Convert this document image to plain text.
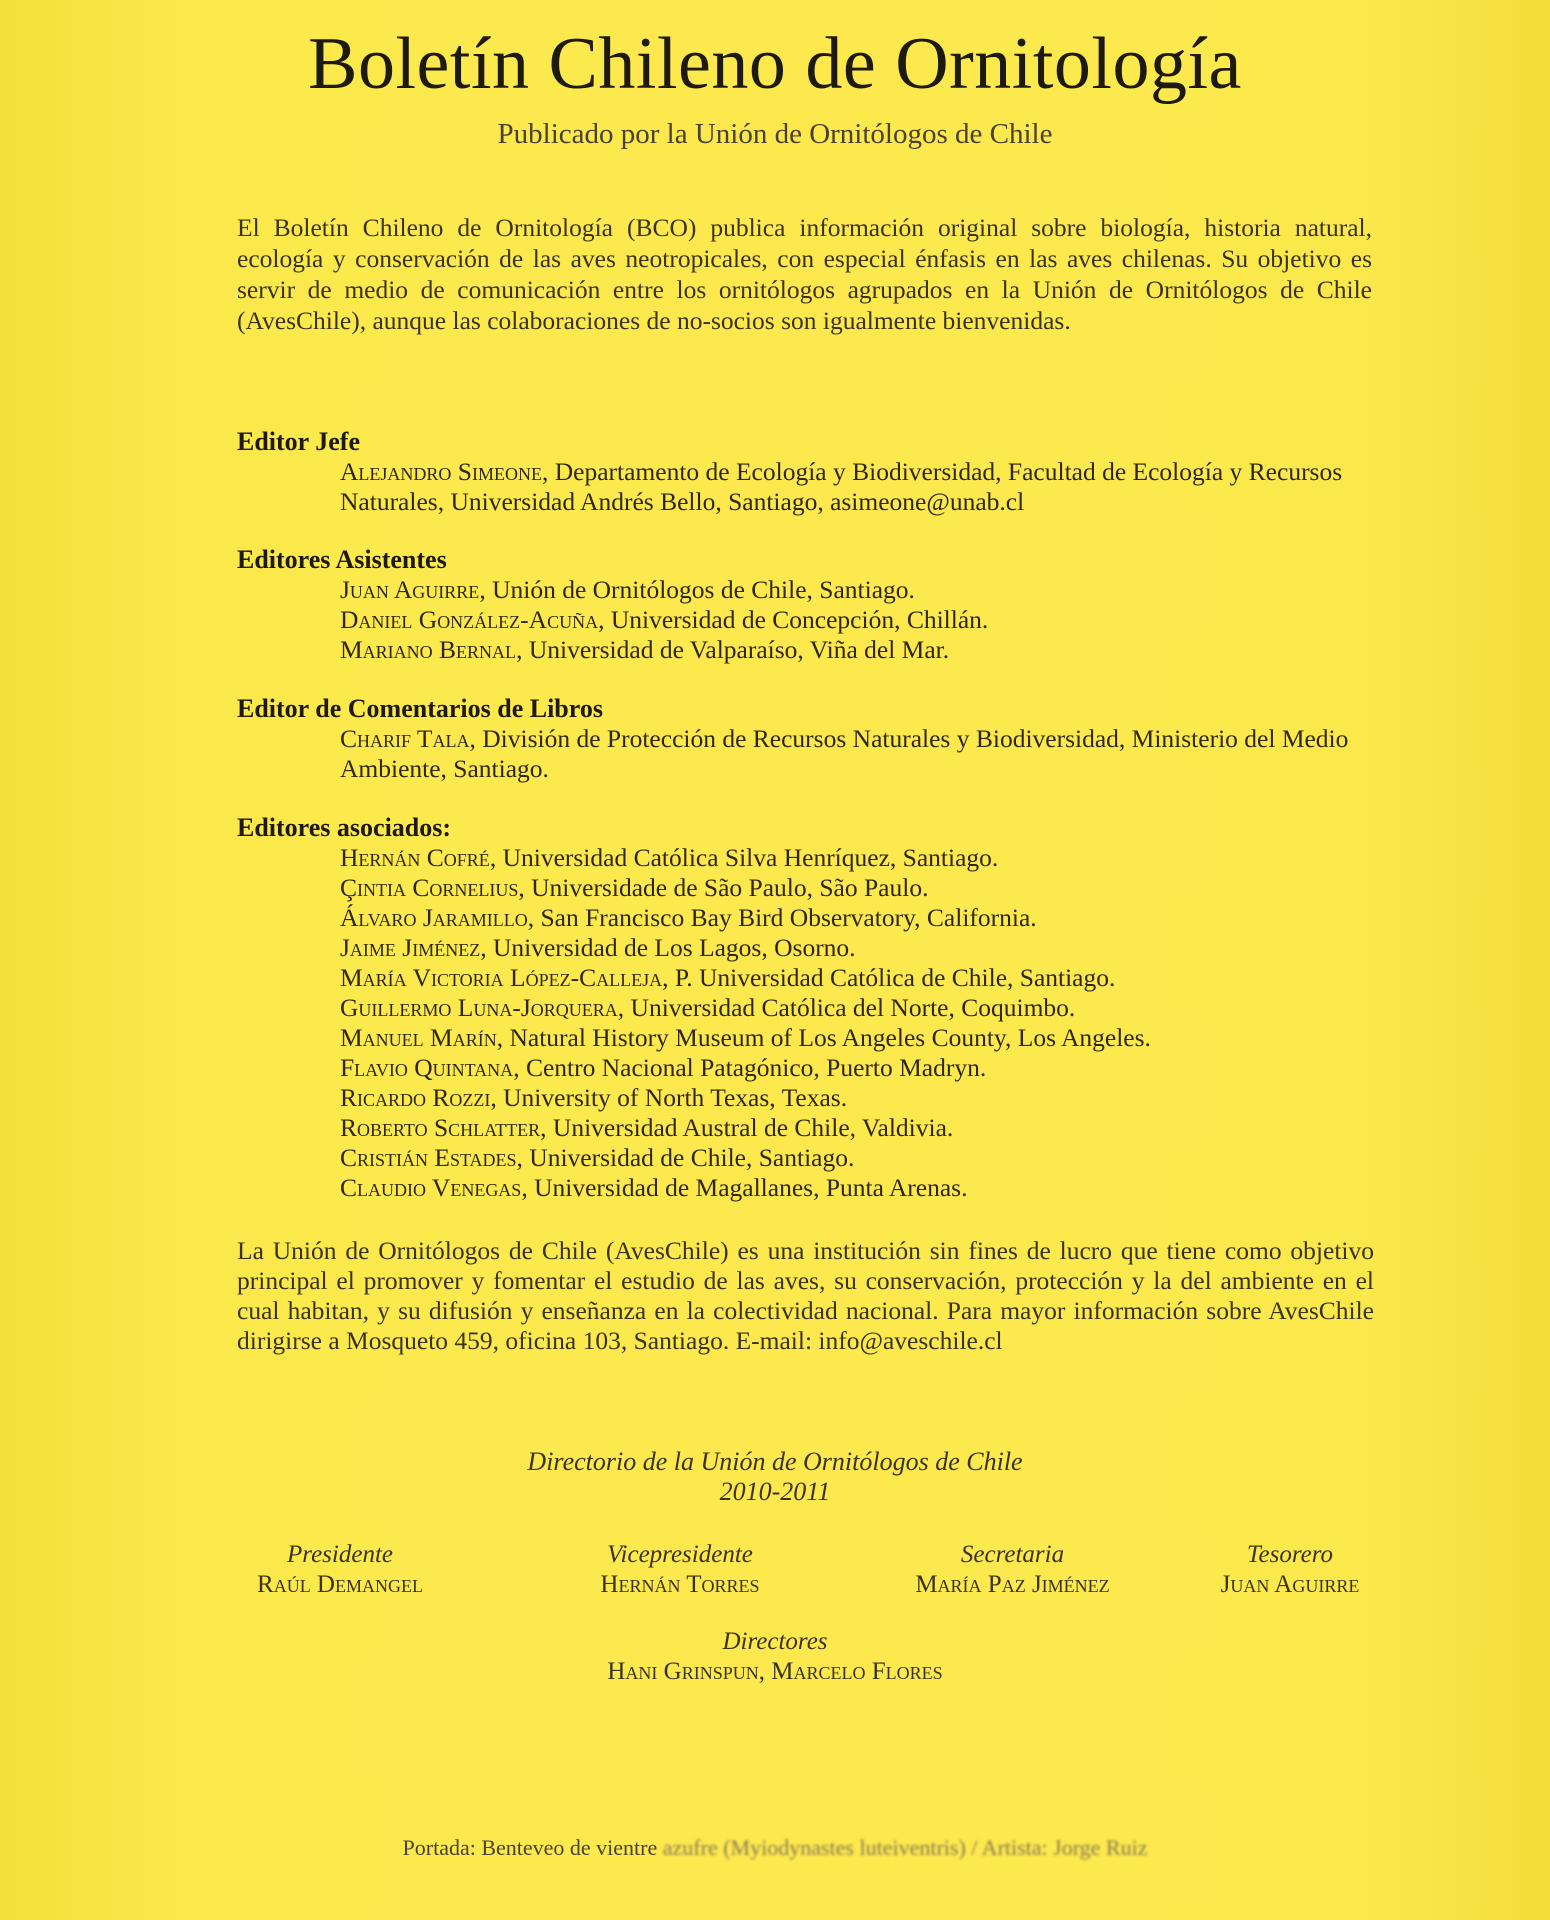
Boletín Chileno de Ornitología
Publicado por la Unión de Ornitólogos de Chile
El Boletín Chileno de Ornitología (BCO) publica información original sobre biología, historia natural, ecología y conservación de las aves neotropicales, con especial énfasis en las aves chilenas. Su objetivo es servir de medio de comunicación entre los ornitólogos agrupados en la Unión de Ornitólogos de Chile (AvesChile), aunque las colaboraciones de no-socios son igualmente bienvenidas.
Editor Jefe
Alejandro Simeone, Departamento de Ecología y Biodiversidad, Facultad de Ecología y Recursos Naturales, Universidad Andrés Bello, Santiago, asimeone@unab.cl
Editores Asistentes
Juan Aguirre, Unión de Ornitólogos de Chile, Santiago.
Daniel González-Acuña, Universidad de Concepción, Chillán.
Mariano Bernal, Universidad de Valparaíso, Viña del Mar.
Editor de Comentarios de Libros
Charif Tala, División de Protección de Recursos Naturales y Biodiversidad, Ministerio del Medio Ambiente, Santiago.
Editores asociados:
Hernán Cofré, Universidad Católica Silva Henríquez, Santiago.
Çintia Cornelius, Universidade de São Paulo, São Paulo.
Álvaro Jaramillo, San Francisco Bay Bird Observatory, California.
Jaime Jiménez, Universidad de Los Lagos, Osorno.
María Victoria López-Calleja, P. Universidad Católica de Chile, Santiago.
Guillermo Luna-Jorquera, Universidad Católica del Norte, Coquimbo.
Manuel Marín, Natural History Museum of Los Angeles County, Los Angeles.
Flavio Quintana, Centro Nacional Patagónico, Puerto Madryn.
Ricardo Rozzi, University of North Texas, Texas.
Roberto Schlatter, Universidad Austral de Chile, Valdivia.
Cristián Estades, Universidad de Chile, Santiago.
Claudio Venegas, Universidad de Magallanes, Punta Arenas.
La Unión de Ornitólogos de Chile (AvesChile) es una institución sin fines de lucro que tiene como objetivo principal el promover y fomentar el estudio de las aves, su conservación, protección y la del ambiente en el cual habitan, y su difusión y enseñanza en la colectividad nacional. Para mayor información sobre AvesChile dirigirse a Mosqueto 459, oficina 103, Santiago. E-mail: info@aveschile.cl
Directorio de la Unión de Ornitólogos de Chile
2010-2011
Presidente
Raúl Demangel
Vicepresidente
Hernán Torres
Secretaria
María Paz Jiménez
Tesorero
Juan Aguirre
Directores
Hani Grinspun, Marcelo Flores
Portada: Benteveo de vientre azufre (Myiodynastes luteiventris) / Artista: Jorge Ruiz
